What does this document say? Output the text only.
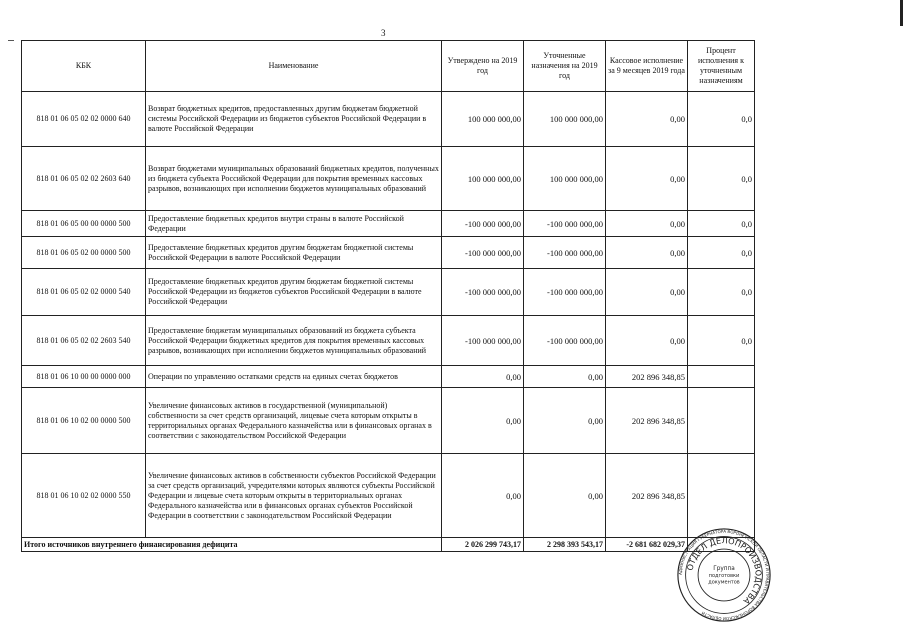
3
КБК	Наименование	Утверждено на 2019 год	Уточненные назначения на 2019 год	Кассовое исполнение за 9 месяцев 2019 года	Процент исполнения к уточненным назначениям
818 01 06 05 02 02 0000 640	Возврат бюджетных кредитов, предоставленных другим бюджетам бюджетной системы Российской Федерации из бюджетов субъектов Российской Федерации в валюте Российской Федерации	100 000 000,00	100 000 000,00	0,00	0,0
818 01 06 05 02 02 2603 640	Возврат бюджетами муниципальных образований бюджетных кредитов, полученных из бюджета субъекта Российской Федерации для покрытия временных кассовых разрывов, возникающих при исполнении бюджетов муниципальных образований	100 000 000,00	100 000 000,00	0,00	0,0
818 01 06 05 00 00 0000 500	Предоставление бюджетных кредитов внутри страны в валюте Российской Федерации	-100 000 000,00	-100 000 000,00	0,00	0,0
818 01 06 05 02 00 0000 500	Предоставление бюджетных кредитов другим бюджетам бюджетной системы Российской Федерации в валюте Российской Федерации	-100 000 000,00	-100 000 000,00	0,00	0,0
818 01 06 05 02 02 0000 540	Предоставление бюджетных кредитов другим бюджетам бюджетной системы Российской Федерации из бюджетов субъектов Российской Федерации в валюте Российской Федерации	-100 000 000,00	-100 000 000,00	0,00	0,0
818 01 06 05 02 02 2603 540	Предоставление бюджетам муниципальных образований из бюджета субъекта Российской Федерации бюджетных кредитов для покрытия временных кассовых разрывов, возникающих при исполнении бюджетов муниципальных образований	-100 000 000,00	-100 000 000,00	0,00	0,0
818 01 06 10 00 00 0000 000	Операции по управлению остатками средств на единых счетах бюджетов	0,00	0,00	202 896 348,85	
818 01 06 10 02 00 0000 500	Увеличение финансовых активов в государственной (муниципальной) собственности за счет средств организаций, лицевые счета которым открыты в территориальных органах Федерального казначейства или в финансовых органах в соответствии с законодательством Российской Федерации	0,00	0,00	202 896 348,85	
818 01 06 10 02 02 0000 550	Увеличение финансовых активов в собственности субъектов Российской Федерации за счет средств организаций, учредителями которых являются субъекты Российской Федерации и лицевые счета которым открыты в территориальных органах Федерального казначейства или в финансовых органах субъектов Российской Федерации в соответствии с законодательством Российской Федерации	0,00	0,00	202 896 348,85	
Итого источников внутреннего финансирования дефицита		2 026 299 743,17	2 298 393 543,17	-2 681 682 029,37	
АДМИНИСТРАЦИЯ ГУБЕРНАТОРА ВОРОНЕЖСКОЙ ОБЛАСТИ И ПРАВИТЕЛЬСТВА ВОРОНЕЖСКОЙ ОБЛАСТИ
ОТДЕЛ ДЕЛОПРОИЗВОДСТВА
Группа
подготовки
документов
